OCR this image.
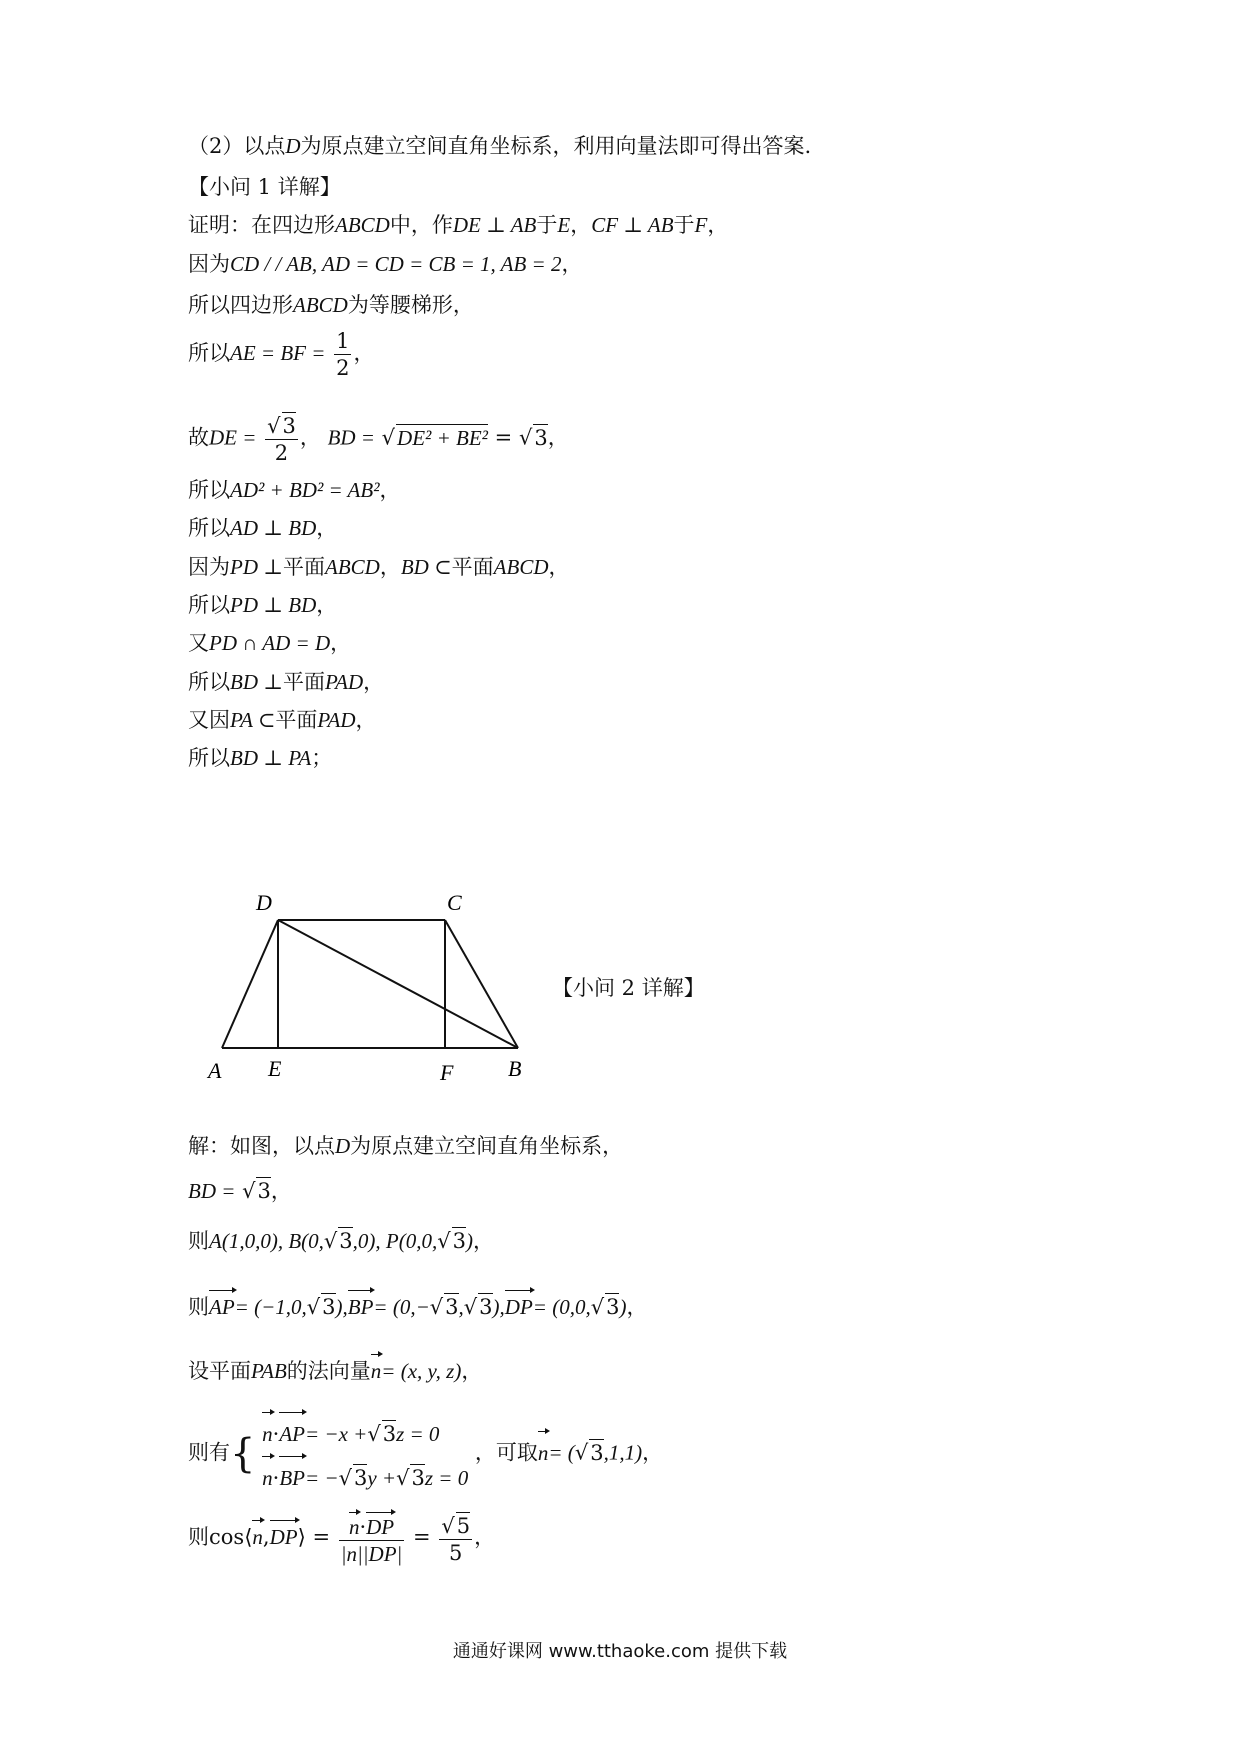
（2）以点D为原点建立空间直角坐标系，利用向量法即可得出答案.
【小问 1 详解】
证明：在四边形ABCD中，作DE ⊥ AB于E，CF ⊥ AB于F，
因为CD / / AB, AD = CD = CB = 1, AB = 2，
所以四边形ABCD为等腰梯形，
所以AE = BF = $\frac{1}{2}$ ，
故DE = $\frac{√3}{2}$ ， BD = √DE² + BE² = √3，
所以AD² + BD² = AB²，
所以AD ⊥ BD，
因为PD ⊥平面ABCD，BD ⊂平面ABCD，
所以PD ⊥ BD，
又PD ∩ AD = D，
所以BD ⊥平面PAD，
又因PA ⊂平面PAD，
所以BD ⊥ PA；
D	C
A E	F B
【小问 2 详解】
解：如图，以点D为原点建立空间直角坐标系，
BD = √3，
则A(1,0,0), B(0,√3,0), P(0,0,√3)，
则AP= (−1,0,√3),BP= (0,−√3,√3),DP= (0,0,√3)，
设平面PAB的法向量n= (x, y, z)，
则有{ n·AP= −x +√3z = 0
n·BP= −√3y +√3z = 0
，可取n= (√3,1,1)，
则cos⟨n,DP⟩ = $\frac{n\cdot DP}{|n||DP|} = \frac{√5}{5}$ ，
通通好课网 www.tthaoke.com 提供下载
